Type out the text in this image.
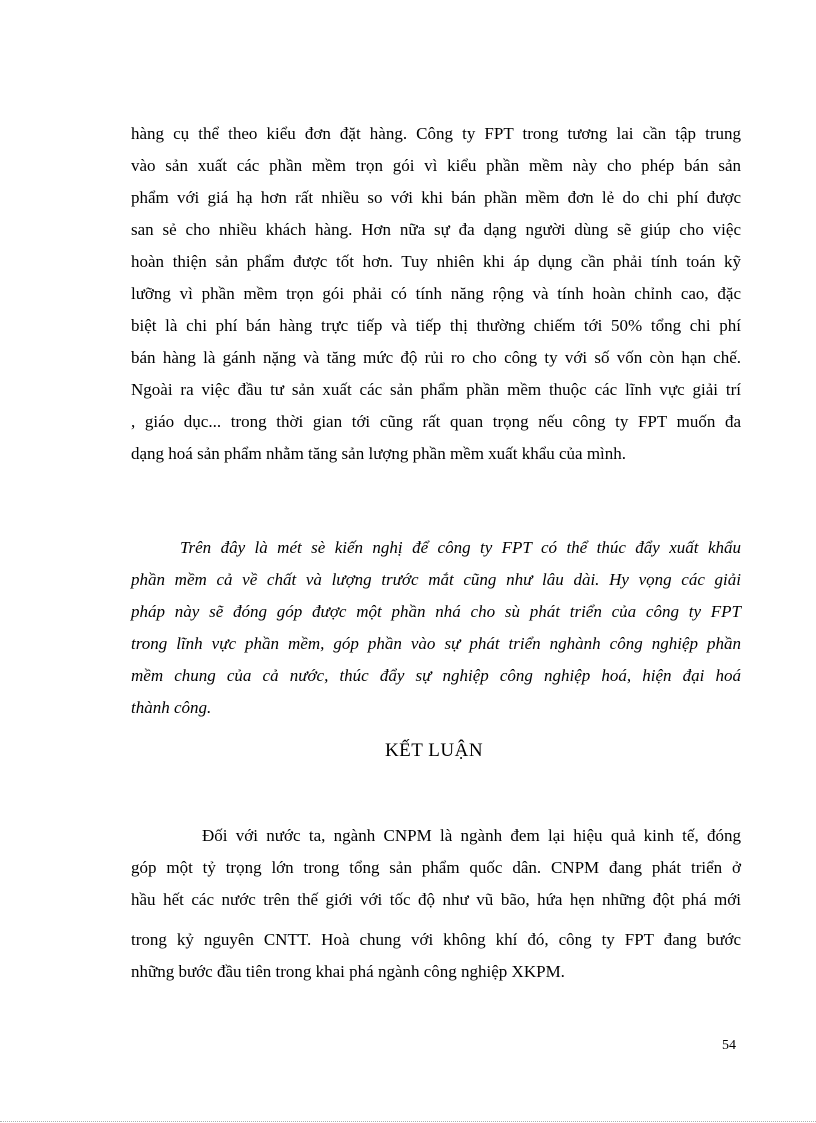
hàng cụ thể theo kiểu đơn đặt hàng. Công ty FPT trong tương lai cần tập trung
vào sản xuất các phần mềm trọn gói vì kiểu phần mềm này cho phép bán sản
phẩm với giá hạ hơn rất nhiều so với khi bán phần mềm đơn lẻ do chi phí được
san sẻ cho nhiều khách hàng. Hơn nữa sự đa dạng người dùng sẽ giúp cho việc
hoàn thiện sản phẩm được tốt hơn. Tuy nhiên khi áp dụng cần phải tính toán kỹ
lưỡng vì phần mềm trọn gói phải có tính năng rộng và tính hoàn chỉnh cao, đặc
biệt là chi phí bán hàng trực tiếp và tiếp thị thường chiếm tới 50% tổng chi phí
bán hàng là gánh nặng và tăng mức độ rủi ro cho công ty với số vốn còn hạn chế.
Ngoài ra việc đầu tư sản xuất các sản phẩm phần mềm thuộc các lĩnh vực giải trí
, giáo dục... trong thời gian tới cũng rất quan trọng nếu công ty FPT muốn đa
dạng hoá sản phẩm nhằm tăng sản lượng phần mềm xuất khẩu của mình.
Trên đây là mét sè kiến nghị để công ty FPT có thể thúc đẩy xuất khẩu
phần mềm cả về chất và lượng trước mắt cũng như lâu dài. Hy vọng các giải
pháp này sẽ đóng góp được một phần nhá cho sù phát triển của công ty FPT
trong lĩnh vực phần mềm, góp phần vào sự phát triển nghành công nghiệp phần
mềm chung của cả nước, thúc đẩy sự nghiệp công nghiệp hoá, hiện đại hoá
thành công.
KẾT LUẬN
Đối với nước ta, ngành CNPM là ngành đem lại hiệu quả kinh tế, đóng
góp một tỷ trọng lớn trong tổng sản phẩm quốc dân. CNPM đang phát triển ở
hầu hết các nước trên thế giới với tốc độ như vũ bão, hứa hẹn những đột phá mới
trong kỷ nguyên CNTT. Hoà chung với không khí đó, công ty FPT đang bước
những bước đầu tiên trong khai phá ngành công nghiệp XKPM.
54
